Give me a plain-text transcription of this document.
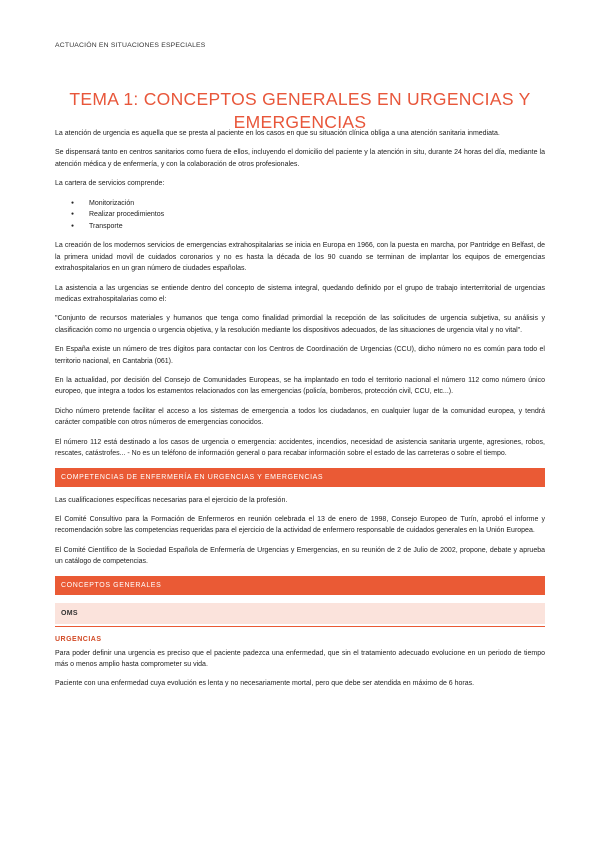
ACTUACIÓN EN SITUACIONES ESPECIALES
TEMA 1: CONCEPTOS GENERALES EN URGENCIAS Y EMERGENCIAS

La atención de urgencia es aquella que se presta al paciente en los casos en que su situación clínica obliga a una atención sanitaria inmediata.

Se dispensará tanto en centros sanitarios como fuera de ellos, incluyendo el domicilio del paciente y la atención in situ, durante 24 horas del día, mediante la atención médica y de enfermería, y con la colaboración de otros profesionales.

La cartera de servicios comprende:

● Monitorización
● Realizar procedimientos
● Transporte

La creación de los modernos servicios de emergencias extrahospitalarias se inicia en Europa en 1966, con la puesta en marcha, por Pantridge en Belfast, de la primera unidad movil de cuidados coronarios y no es hasta la década de los 90 cuando se terminan de implantar los equipos de emergencias extrahospitalarios en un gran número de ciudades españolas.

La asistencia a las urgencias se entiende dentro del concepto de sistema integral, quedando definido por el grupo de trabajo interterritorial de urgencias medicas extrahospitalarias como el:

"Conjunto de recursos materiales y humanos que tenga como finalidad primordial la recepción de las solicitudes de urgencia subjetiva, su análisis y clasificación como no urgencia o urgencia objetiva, y la resolución mediante los dispositivos adecuados, de las situaciones de urgencia vital y no vital".

En España existe un número de tres dígitos para contactar con los Centros de Coordinación de Urgencias (CCU), dicho número no es común para todo el territorio nacional, en Cantabria (061).

En la actualidad, por decisión del Consejo de Comunidades Europeas, se ha implantado en todo el territorio nacional el número 112 como número único europeo, que integra a todos los estamentos relacionados con las emergencias (policía, bomberos, protección civil, CCU, etc...).

Dicho número pretende facilitar el acceso a los sistemas de emergencia a todos los ciudadanos, en cualquier lugar de la comunidad europea, y tendrá carácter compatible con otros números de emergencias conocidos.

El número 112 está destinado a los casos de urgencia o emergencia: accidentes, incendios, necesidad de asistencia sanitaria urgente, agresiones, robos, rescates, catástrofes... - No es un teléfono de información general o para recabar información sobre el estado de las carreteras o sobre el tiempo.

COMPETENCIAS DE ENFERMERÍA EN URGENCIAS Y EMERGENCIAS

Las cualificaciones específicas necesarias para el ejercicio de la profesión.

El Comité Consultivo para la Formación de Enfermeros en reunión celebrada el 13 de enero de 1998, Consejo Europeo de Turín, aprobó el informe y recomendación sobre las competencias requeridas para el ejercicio de la actividad de enfermero responsable de cuidados generales en la Unión Europea.

El Comité Científico de la Sociedad Española de Enfermería de Urgencias y Emergencias, en su reunión de 2 de Julio de 2002, propone, debate y aprueba un catálogo de competencias.

CONCEPTOS GENERALES
OMS
URGENCIAS

Para poder definir una urgencia es preciso que el paciente padezca una enfermedad, que sin el tratamiento adecuado evolucione en un periodo de tiempo más o menos amplio hasta comprometer su vida.

Paciente con una enfermedad cuya evolución es lenta y no necesariamente mortal, pero que debe ser atendida en máximo de 6 horas.
